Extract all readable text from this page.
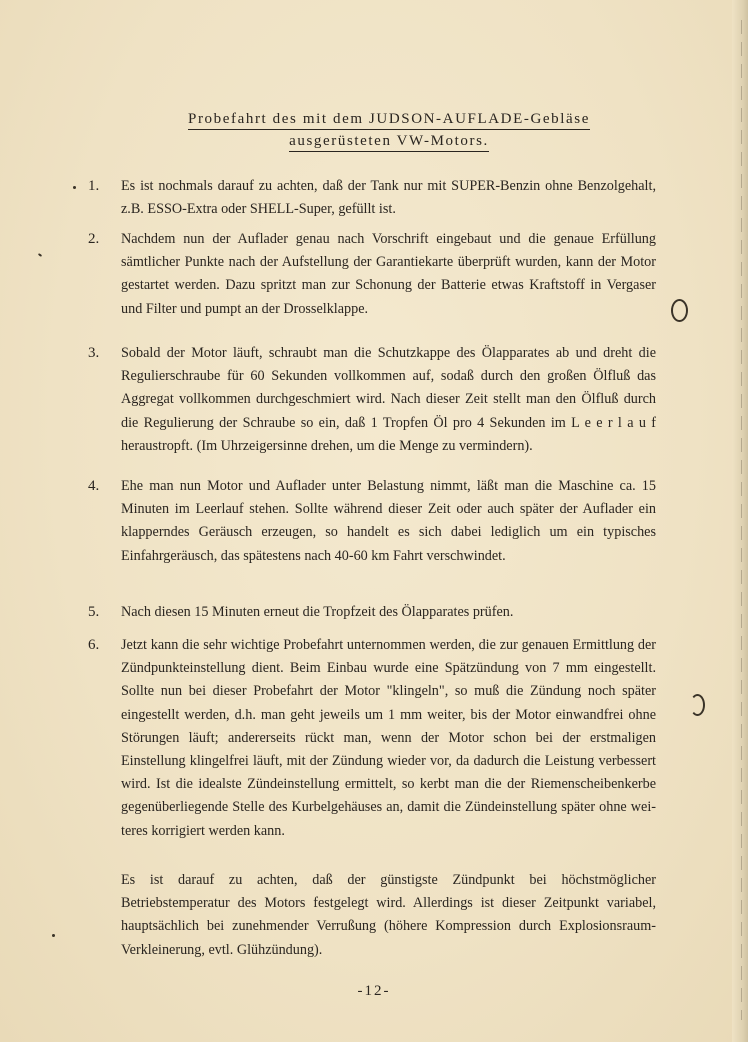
Probefahrt des mit dem JUDSON-AUFLADE-Gebläse
ausgerüsteten VW-Motors.
1. Es ist nochmals darauf zu achten, daß der Tank nur mit SUPER-Benzin ohne Benzolgehalt, z.B. ESSO-Extra oder SHELL-Super, gefüllt ist.
2. Nachdem nun der Auflader genau nach Vorschrift eingebaut und die genaue Erfüllung sämtlicher Punkte nach der Aufstellung der Garantiekarte überprüft wurden, kann der Motor gestartet werden. Dazu spritzt man zur Schonung der Batterie etwas Kraftstoff in Vergaser und Filter und pumpt an der Drosselklappe.
3. Sobald der Motor läuft, schraubt man die Schutzkappe des Ölapparates ab und dreht die Regulierschraube für 60 Sekunden vollkommen auf, sodaß durch den großen Ölfluß das Aggregat vollkommen durchgeschmiert wird. Nach dieser Zeit stellt man den Ölfluß durch die Regulierung der Schraube so ein, daß 1 Tropfen Öl pro 4 Sekunden im L e e r l a u f heraustropft. (Im Uhrzeigersinne drehen, um die Menge zu vermindern).
4. Ehe man nun Motor und Auflader unter Belastung nimmt, läßt man die Maschine ca. 15 Minuten im Leerlauf stehen. Sollte während dieser Zeit oder auch später der Auflader ein klapperndes Geräusch erzeugen, so handelt es sich dabei lediglich um ein typisches Einfahrgeräusch, das spätestens nach 40-60 km Fahrt verschwindet.
5. Nach diesen 15 Minuten erneut die Tropfzeit des Ölapparates prüfen.
6. Jetzt kann die sehr wichtige Probefahrt unternommen werden, die zur genauen Ermittlung der Zündpunkteinstellung dient. Beim Einbau wurde eine Spätzündung von 7 mm eingestellt. Sollte nun bei dieser Probefahrt der Motor "klingeln", so muß die Zündung noch später eingestellt werden, d.h. man geht jeweils um 1 mm weiter, bis der Motor einwandfrei ohne Störungen läuft; andererseits rückt man, wenn der Motor schon bei der erstmaligen Einstellung klingelfrei läuft, mit der Zündung wieder vor, da dadurch die Leistung verbessert wird. Ist die idealste Zündeinstellung ermittelt, so kerbt man die der Riemenscheibenkerbe gegenüberliegende Stelle des Kurbelgehäuses an, damit die Zündeinstellung später ohne weiteres korrigiert werden kann.
Es ist darauf zu achten, daß der günstigste Zündpunkt bei höchstmöglicher Betriebstemperatur des Motors festgelegt wird. Allerdings ist dieser Zeitpunkt variabel, hauptsächlich bei zunehmender Verrußung (höhere Kompression durch Explosionsraum-Verkleinerung, evtl. Glühzündung).
-12-
